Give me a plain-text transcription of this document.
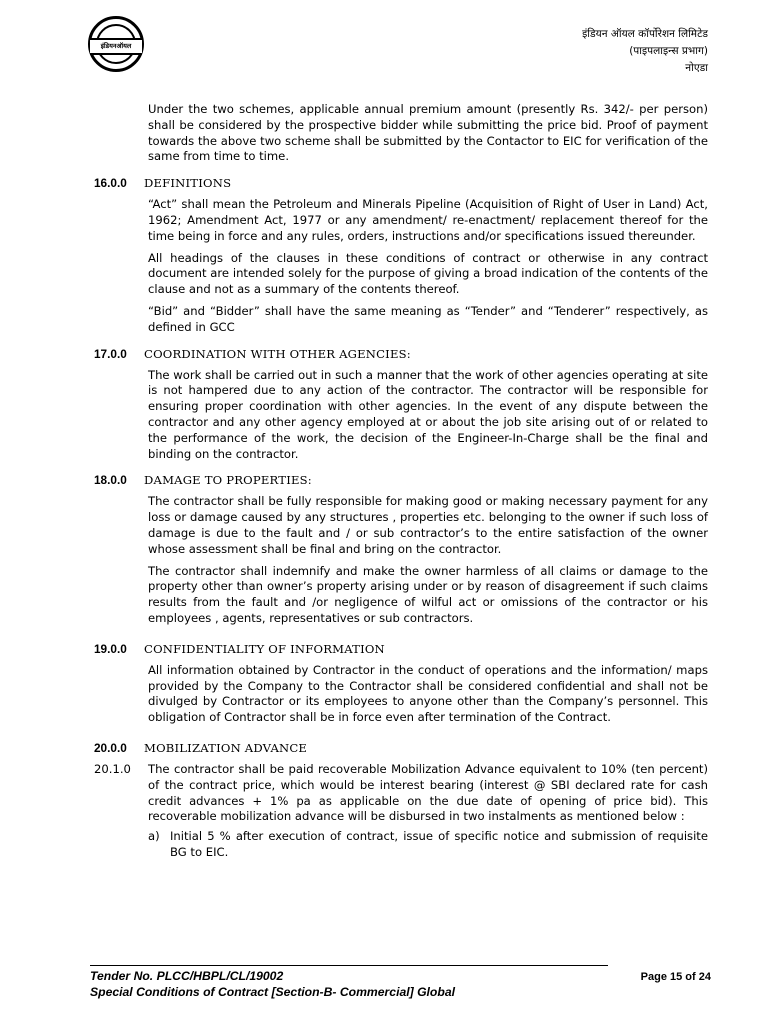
इंडियनऑयल
इंडियन ऑयल कॉर्पोरेशन लिमिटेड
(पाइपलाइन्स प्रभाग)
नोएडा

Under the two schemes, applicable annual premium amount (presently Rs. 342/- per person) shall be considered by the prospective bidder while submitting the price bid. Proof of payment towards the above two scheme shall be submitted by the Contactor to EIC for verification of the same from time to time.

16.0.0	DEFINITIONS

“Act” shall mean the Petroleum and Minerals Pipeline (Acquisition of Right of User in Land) Act, 1962; Amendment Act, 1977 or any amendment/ re-enactment/ replacement thereof for the time being in force and any rules, orders, instructions and/or specifications issued thereunder.

All headings of the clauses in these conditions of contract or otherwise in any contract document are intended solely for the purpose of giving a broad indication of the contents of the clause and not as a summary of the contents thereof.

“Bid” and “Bidder” shall have the same meaning as “Tender” and “Tenderer” respectively, as defined in GCC

17.0.0	COORDINATION WITH OTHER AGENCIES:

The work shall be carried out in such a manner that the work of other agencies operating at site is not hampered due to any action of the contractor. The contractor will be responsible for ensuring proper coordination with other agencies. In the event of any dispute between the contractor and any other agency employed at or about the job site arising out of or related to the performance of the work, the decision of the Engineer-In-Charge shall be the final and binding on the contractor.

18.0.0	DAMAGE TO PROPERTIES:

The contractor shall be fully responsible for making good or making necessary payment for any loss or damage caused by any structures , properties etc. belonging to the owner if such loss of damage is due to the fault and / or sub contractor’s to the entire satisfaction of the owner whose assessment shall be final and bring on the contractor.

The contractor shall indemnify and make the owner harmless of all claims or damage to the property other than owner’s property arising under or by reason of disagreement if such claims results from the fault and /or negligence of wilful act or omissions of the contractor or his employees , agents, representatives or sub contractors.

19.0.0	CONFIDENTIALITY OF INFORMATION

All information obtained by Contractor in the conduct of operations and the information/ maps provided by the Company to the Contractor shall be considered confidential and shall not be divulged by Contractor or its employees to anyone other than the Company’s personnel. This obligation of Contractor shall be in force even after termination of the Contract.

20.0.0	MOBILIZATION ADVANCE
20.1.0	The contractor shall be paid recoverable Mobilization Advance equivalent to 10% (ten percent) of the contract price, which would be interest bearing (interest @ SBI declared rate for cash credit advances + 1% pa as applicable on the due date of opening of price bid). This recoverable mobilization advance will be disbursed in two instalments as mentioned below :
a) Initial 5 % after execution of contract, issue of specific notice and submission of requisite BG to EIC.
Tender No. PLCC/HBPL/CL/19002
Special Conditions of Contract [Section-B- Commercial] Global
Page 15 of 24
